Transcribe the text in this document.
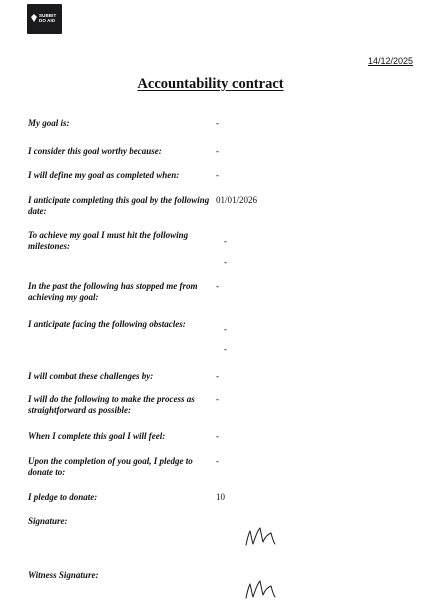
SUBBIT
DO AID
14/12/2025
Accountability contract
My goal is:	-
I consider this goal worthy because:	-
I will define my goal as completed when:	-
I anticipate completing this goal by the following date:
01/01/2026
To achieve my goal I must hit the following milestones:	-
-
In the past the following has stopped me from achieving my goal:
-
I anticipate facing the following obstacles:	-
-
I will combat these challenges by:	-
I will do the following to make the process as straightforward as possible:
-
When I complete this goal I will feel:	-
Upon the completion of you goal, I pledge to donate to:
-
I pledge to donate:	10
Signature:
Witness Signature:
